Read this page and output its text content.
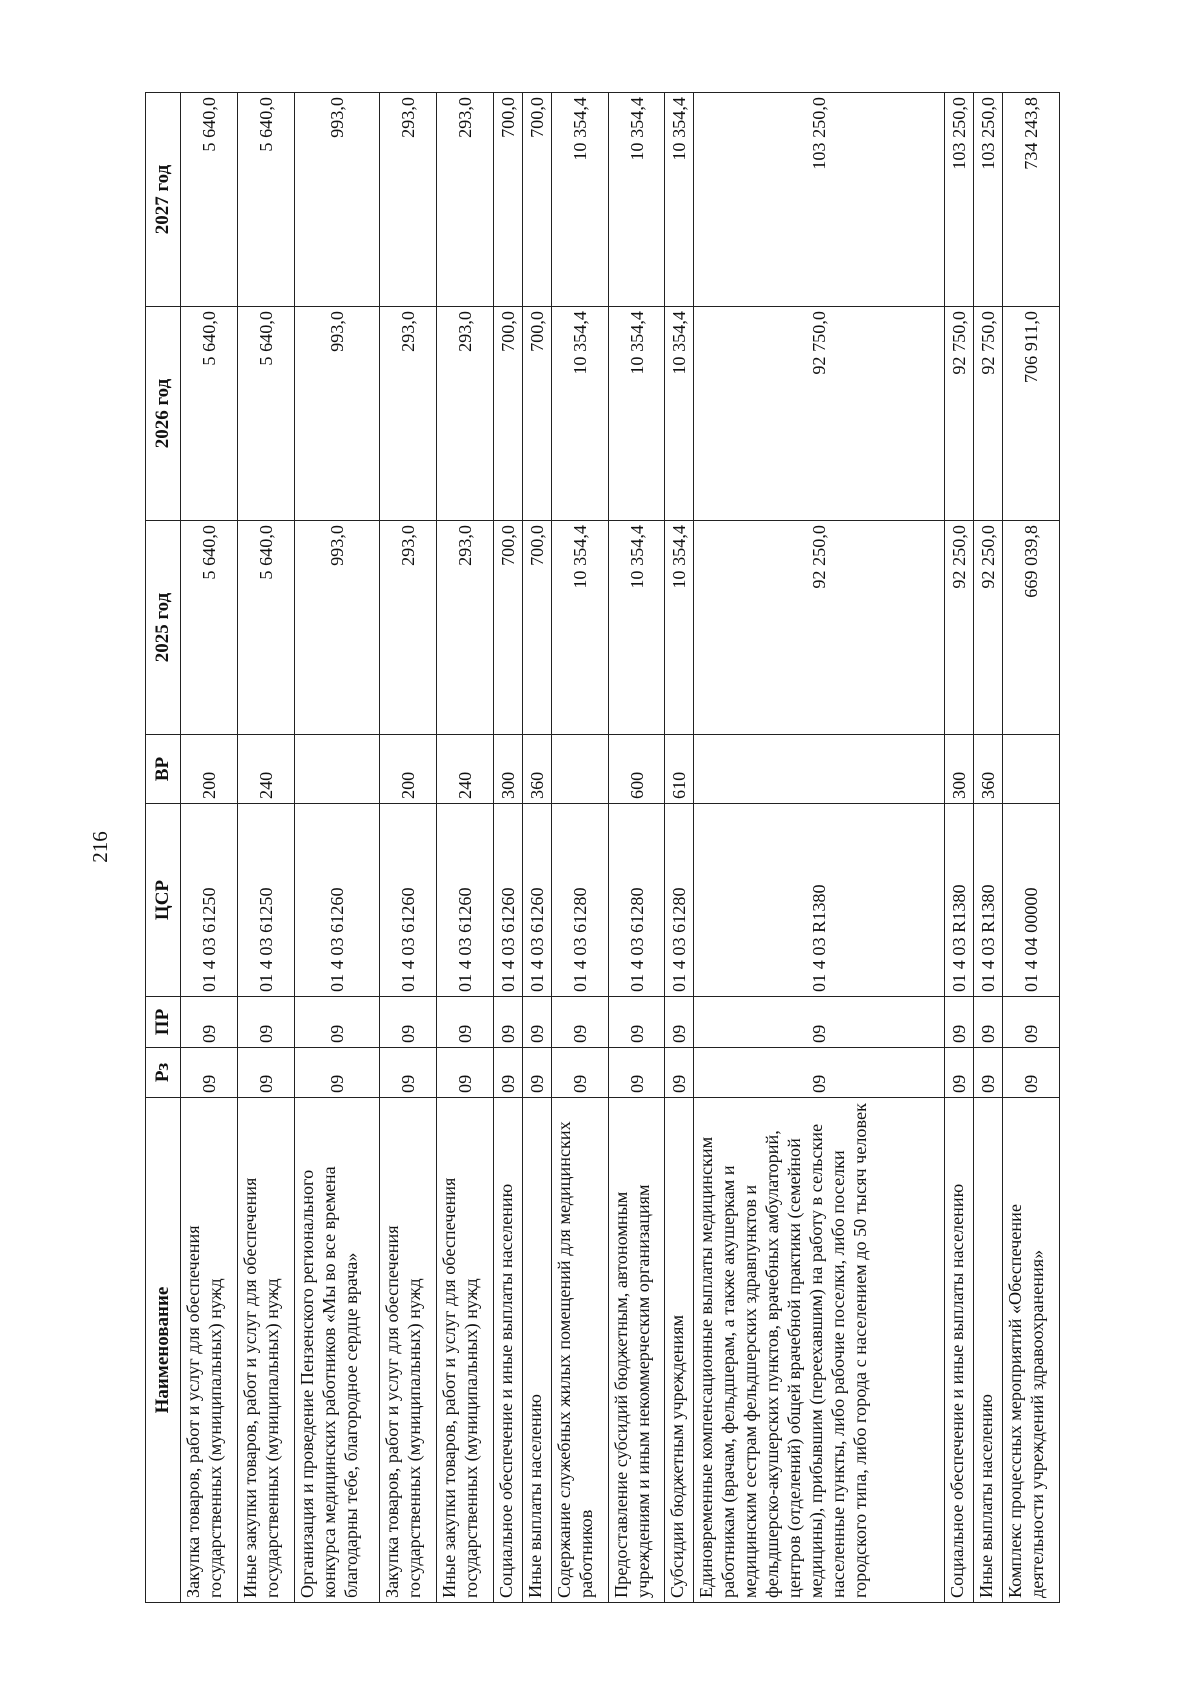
216
Наименование	Рз	ПР	ЦСР	ВР	2025 год	2026 год	2027 год
Закупка товаров, работ и услуг для обеспечения государственных (муниципальных) нужд	09	09	01 4 03 61250	200	5 640,0	5 640,0	5 640,0
Иные закупки товаров, работ и услуг для обеспечения государственных (муниципальных) нужд	09	09	01 4 03 61250	240	5 640,0	5 640,0	5 640,0
Организация и проведение Пензенского регионального конкурса медицинских работников «Мы во все времена благодарны тебе, благородное сердце врача»	09	09	01 4 03 61260		993,0	993,0	993,0
Закупка товаров, работ и услуг для обеспечения государственных (муниципальных) нужд	09	09	01 4 03 61260	200	293,0	293,0	293,0
Иные закупки товаров, работ и услуг для обеспечения государственных (муниципальных) нужд	09	09	01 4 03 61260	240	293,0	293,0	293,0
Социальное обеспечение и иные выплаты населению	09	09	01 4 03 61260	300	700,0	700,0	700,0
Иные выплаты населению	09	09	01 4 03 61260	360	700,0	700,0	700,0
Содержание служебных жилых помещений для медицинских работников	09	09	01 4 03 61280		10 354,4	10 354,4	10 354,4
Предоставление субсидий бюджетным, автономным учреждениям и иным некоммерческим организациям	09	09	01 4 03 61280	600	10 354,4	10 354,4	10 354,4
Субсидии бюджетным учреждениям	09	09	01 4 03 61280	610	10 354,4	10 354,4	10 354,4
Единовременные компенсационные выплаты медицинским работникам (врачам, фельдшерам, а также акушеркам и медицинским сестрам фельдшерских здравпунктов и фельдшерско-акушерских пунктов, врачебных амбулаторий, центров (отделений) общей врачебной практики (семейной медицины), прибывшим (переехавшим) на работу в сельские населенные пункты, либо рабочие поселки, либо поселки городского типа, либо города с населением до 50 тысяч человек	09	09	01 4 03 R1380		92 250,0	92 750,0	103 250,0
Социальное обеспечение и иные выплаты населению	09	09	01 4 03 R1380	300	92 250,0	92 750,0	103 250,0
Иные выплаты населению	09	09	01 4 03 R1380	360	92 250,0	92 750,0	103 250,0
Комплекс процессных мероприятий «Обеспечение деятельности учреждений здравоохранения»	09	09	01 4 04 00000		669 039,8	706 911,0	734 243,8
